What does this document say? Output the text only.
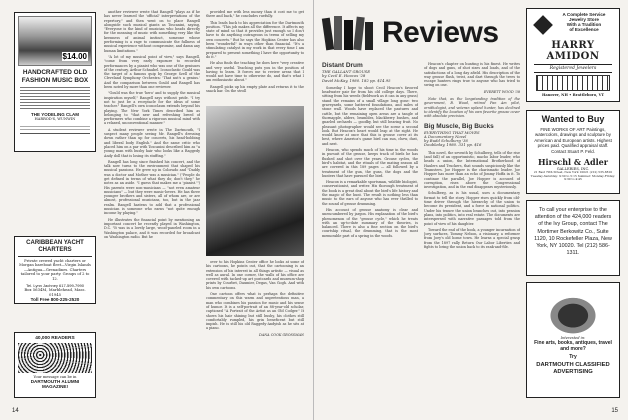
$14.00
HANDCRAFTED OLD FASHION MUSIC BOX
THE YODELING CLAM
HARROD'S, WUNWIN
CARIBBEAN YACHT CHARTERS
Private crewed yacht charters or Morgan bareboat fleet—Virgin Islands—Antigua—Grenadines. Charters tailored to your party. Groups of 2 to 12.
Tel. Lynn Jachney 617-599-7990
Box 5634M, Marblehead, Mass. 01945
Toll Free 800-225-2520
40,000 READERS
Your message can be in
DARTMOUTH ALUMNI MAGAZINE!

another reviewer wrote that Rangell "plays as if he has never learned the 'official' interpretations of the repertory," and then went on to place Rangell alongside such musical giants as Toscanini, saying, "Everyone is the kind of musician who heads directly for the meaning of music with something very like the keenness of animal instinct, someone whose performing is a rage to communicate the fullness of musical experience without compromise, and damn any human limitations."

"A lot of my musical point of view," says Rangell, "come from very early exposure to recorded performances by a pianist who was one of the geniuses of the century, Arthur Schnabel. Iconoclastic Gould was the target of a famous quip by George Szell of the Cleveland Symphony Orchestra: 'That nut's a genius.' And the comparison between Gould and Rangell has been noted by more than one reviewer.

"Gould was the true 'hero' and to supply the musical inspiration myself," Rangell says without pride. "I try not to just be a receptacle for the ideas of some teacher." Rangell's own iconoclasm extends beyond his playing. The New York Times described him as belonging to "that new and refreshing breed of performers who combine a rigorous musical mind with a relaxed, unconventional manner."

A student reviewer wrote in The Dartmouth, "I suspect many people seeing Mr. Rangell's dressing down rather than up for concerts, his head-bobbing and liberal body English." And the same critic who placed him on a par with Toscanini described him as "a young man with bushy hair who looks like a Raggedy Andy doll that is losing its stuffing."

Rangell has long since finished his concert, and the talk now turns to the environment that shaped his musical passions. He grew up in Colorado and "Daddy was a doctor and Mother was a musician." ("People do get defined in terms of what they do; don't they," he notes as an aside. "I guess that makes me a 'pianist.'") His parents were non-musicians — "not even amateur musicians" — but they were music-lovers. He has three younger brothers and sisters, all of whom are, or are almost, professional musicians, too, but in the jazz realm. Rangell hastens to add that a professional musician is someone who earns "not quite enough income by playing."

He illustrates the financial point by mentioning an important concert he recently played in Washington, D.C. "It was in a lovely large, wood-paneled room in a Washington palace, and it was recorded for broadcast on Washington radio. But he

provided me with less money than it cost me to get there and back," he concludes ruefully.

This leads back to his appreciation for the Dartmouth position. "This job makes all the difference. It affects my state of mind so that it provides just enough so I don't have to do anything outrageous in terms of selling my own concerts." But he says the Hopkins Center has also been "wonderful" in ways other than financial. "It's a stimulating catalyst in my work in that every time I am prepared to present something I have the opportunity to do it."

He also finds the teaching he does here "very creative and very useful. Teaching puts you in the position of having to learn. It forces me to review areas that I would not have time to otherwise do, and that's what I am enthusiastic about."

Rangell picks up his empty plate and returns it to the snack bar. On the stroll

over to his Hopkins Center office he looks at some of his cartoons, he points out, that the cartooning is an extension of his interest in all things artistic — visual as well as aural. In one corner, the walls of his office are covered with tacked-up art postcards and museum-shop prints by Courbet, Daumier, Degas, Van Gogh. And with his own cartoons.

One cartoon offers what is perhaps the definitive commentary on this warm and unpretentious man, a man who combines his passion for music and his sense of humor. It is a self-portrait of an 88-year-old scholar, captioned "A Portrait of the Artist as an Old Codger." It shows his hair shining but still bushy, his clothes still comfortably rumpled, his grin beneficent but still impish. He is still his old Raggedy-Andyish as he sits at a piano.

DANA COOK GROSSMAN
14
Reviews
Distant Drum
THE GALLANT GROUSE
by Cecil E. Heacox '28
David McKay, 1980. 182 pp. $14.95

Someday I hope to shoot Cecil Heacox's favored headwater pair for from his old college days. There, sitting from his weeds (fieldwork as it can in any grass) stand the remains of a small village long gone: two graveyards, some battered foundations, and miles of stone wall. Woods have replaced the pastures and cattle, but the remaining open areas are a tangle of thornapple, alders, brambles, blackberry bushes, and gnarled orchards — goodby, but still bearing fruit. No pleasant photographer would see the scene a second look. But Heacox's heart would leap at the sight. He would know at once that this is grouse cover at its best, where America's game bird can sun, chew, dust, and nest.

Heacox, who spends much of his time in the woods in pursuit of the grouse, keeps track of birds he has flushed and shot over the years. Grouse cycles, the bird's habitat, and the rituals of the mating season all are covered in this 189 pages — all followed by a treatment of the gun, the guns, the dogs and the hunters that have pursued the bird.

Heacox is a remarkable sportsman, wildlife biologist, conservationist, and writer. His thorough treatment of the book is a great deal about the bird's life history and the magic of the hunt. The result is nothing less than music to the ears of anyone who has ever thrilled to the sound of grouse drumming.

His account of grouse anatomy is clear and unencumbered by jargon. His explanation of the bird's phenomenon of the "grouse cycle," which he treats with an up-to-date summary of the theories, is balanced. There is also a fine section on the bird's courtship ritual, the drumming, that is the most memorable part of a spring in the woods.

Heacox's chapter on hunting is his finest. He writes of dogs and guns, of shot sizes and loads, and of the satisfactions of a long day afield. His description of the way grouse flush, twist, and dart through the trees to escape hunters rings true to anyone who has tried to swing on one.

EVERETT WOOD '38

Note that, as the longstanding tradition of the government, B. Wood, retired Pan Am pilot, ornithologist, and veteran upland hunter, has declined to identify the location of his own favorite grouse cover with absolute precision.

Big Muscle, Big Bucks
EVERYTHING THAT MOVES
A Documentary Novel
by Budd Schulberg '36
Doubleday, 1980. 331 pp. $16

This novel, the seventh by Schulberg, tells of the rise (and fall) of an opportunistic, macho labor leader, who heads a union, the International Brotherhood of Haulers and Truckers, that sounds suspiciously like the Teamsters. Joe Hopper is the charismatic leader. Joe Hopper has more than an echo of Jimmy Hoffa in it. To continue the parallel, Joe Hopper is accused of corruption, rises above the Congressional investigation, and in the end disappears mysteriously.

Schulberg, as is his usual, uses a documentary format to tell the story. Hopper rises quickly from old-time driver through the hierarchy of the union to become its president, and a force in national politics. Under his tenure the union branches out, into pension plans, into politics, into real estate. The documents are interspersed with narrative passages told from the point of view of his daughter.

Toward the end of the book, a younger incarnation of Joey surfaces, Tommy Nelson, a visionary, a reformer from Joey's old home town. He learns a special grasp from the 1897 rally Return Our Labor Liberties and fights to bring the union back to its rank-and-file.

A Complete Service
Jewelry Store
With a Tradition
of Excellence
HARRY AMIDON
Registered Jewelers
Hanover, NH • Brattleboro, VT
Wanted to Buy
FINE WORKS OF ART Paintings, watercolors, drawings and sculpture by American and European artists. Highest prices paid. Qualified appraisal staff. Contact Stuart P. Feld.
Hirschl & Adler
GALLERIES, INC.
21 East 70th Street, New York 10021 (212) 535-8810 Tuesday-Saturday: 9:30 to 5:15 Summer: Monday-Friday: 9:30 to 4:45
To call your enterprise to the attention of the 424,000 readers of the Ivy Group, contact The Mortimer Berkowitz Co., Suite 1120, 10 Rockefeller Plaza, New York, NY 10020. Tel (212) 586-1311.
Interested in:
Fine arts, books, antiques, travel and more?
Try
DARTMOUTH CLASSIFIED ADVERTISING
15
